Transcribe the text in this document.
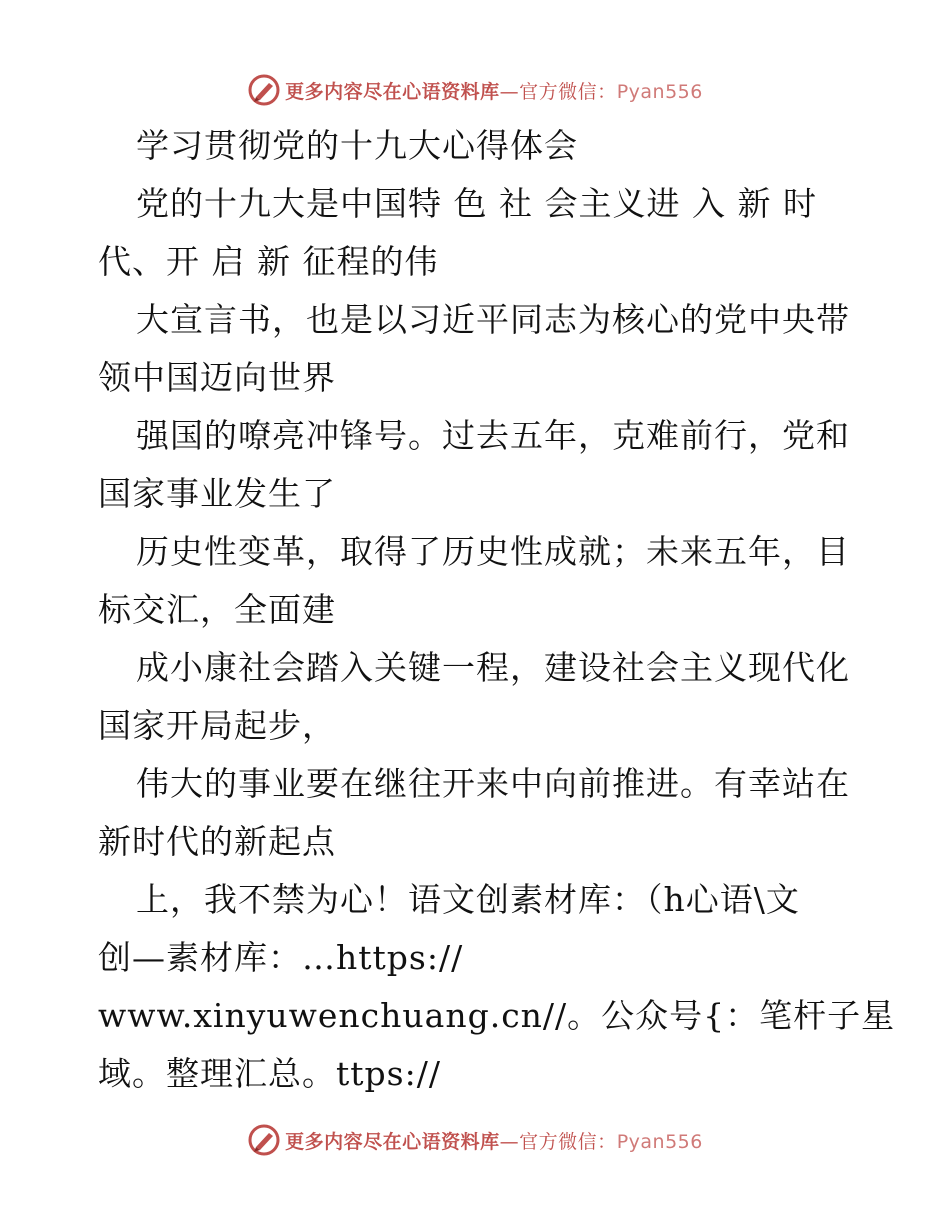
更多内容尽在心语资料库—官方微信：Pyan556
学习贯彻党的十九大心得体会
党的十九大是中国特 色 社 会主义进 入 新 时
代、开 启 新 征程的伟
大宣言书，也是以习近平同志为核心的党中央带
领中国迈向世界
强国的嘹亮冲锋号。过去五年，克难前行，党和
国家事业发生了
历史性变革，取得了历史性成就；未来五年，目
标交汇，全面建
成小康社会踏入关键一程，建设社会主义现代化
国家开局起步，
伟大的事业要在继往开来中向前推进。有幸站在
新时代的新起点
上，我不禁为心！语文创素材库：（h心语\文
创—素材库：…https://
www.xinyuwenchuang.cn//。公众号{：笔杆子星
域。整理汇总。ttps://
更多内容尽在心语资料库—官方微信：Pyan556
